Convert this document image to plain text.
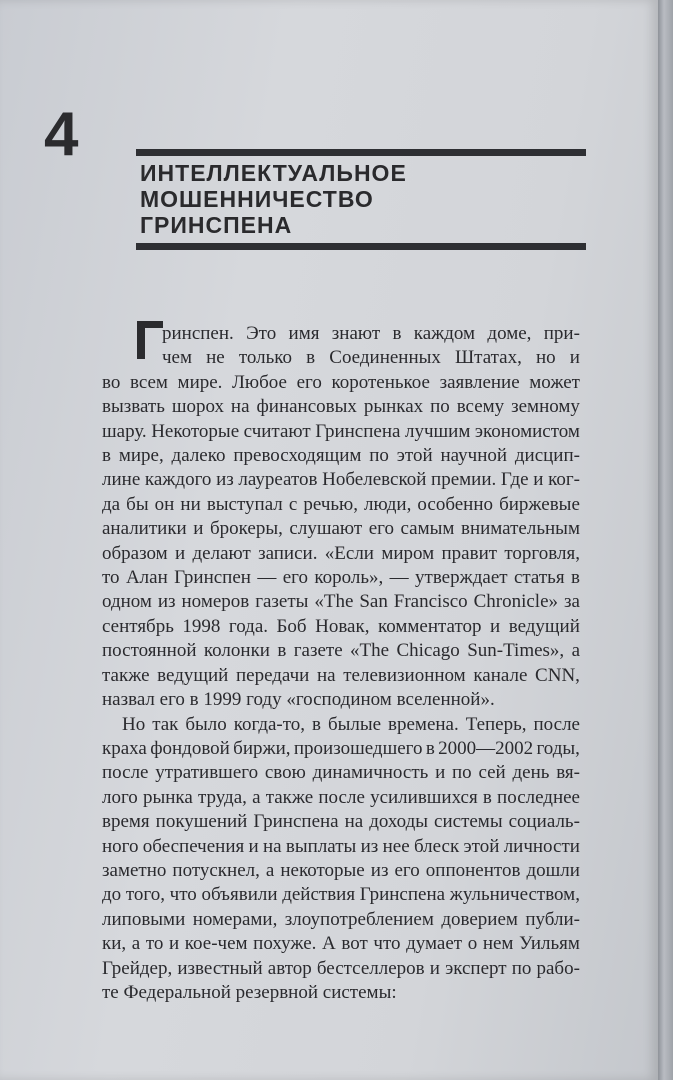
4
ИНТЕЛЛЕКТУАЛЬНОЕ
МОШЕННИЧЕСТВО
ГРИНСПЕНА
ринспен. Это имя знают в каждом доме, при-
чем не только в Соединенных Штатах, но и
во всем мире. Любое его коротенькое заявление может
вызвать шорох на финансовых рынках по всему земному
шару. Некоторые считают Гринспена лучшим экономистом
в мире, далеко превосходящим по этой научной дисцип-
лине каждого из лауреатов Нобелевской премии. Где и ког-
да бы он ни выступал с речью, люди, особенно биржевые
аналитики и брокеры, слушают его самым внимательным
образом и делают записи. «Если миром правит торговля,
то Алан Гринспен — его король», — утверждает статья в
одном из номеров газеты «The San Francisco Chronicle» за
сентябрь 1998 года. Боб Новак, комментатор и ведущий
постоянной колонки в газете «The Chicago Sun-Times», а
также ведущий передачи на телевизионном канале CNN,
назвал его в 1999 году «господином вселенной».
Но так было когда-то, в былые времена. Теперь, после
краха фондовой биржи, произошедшего в 2000—2002 годы,
после утратившего свою динамичность и по сей день вя-
лого рынка труда, а также после усилившихся в последнее
время покушений Гринспена на доходы системы социаль-
ного обеспечения и на выплаты из нее блеск этой личности
заметно потускнел, а некоторые из его оппонентов дошли
до того, что объявили действия Гринспена жульничеством,
липовыми номерами, злоупотреблением доверием публи-
ки, а то и кое-чем похуже. А вот что думает о нем Уильям
Грейдер, известный автор бестселлеров и эксперт по рабо-
те Федеральной резервной системы:
